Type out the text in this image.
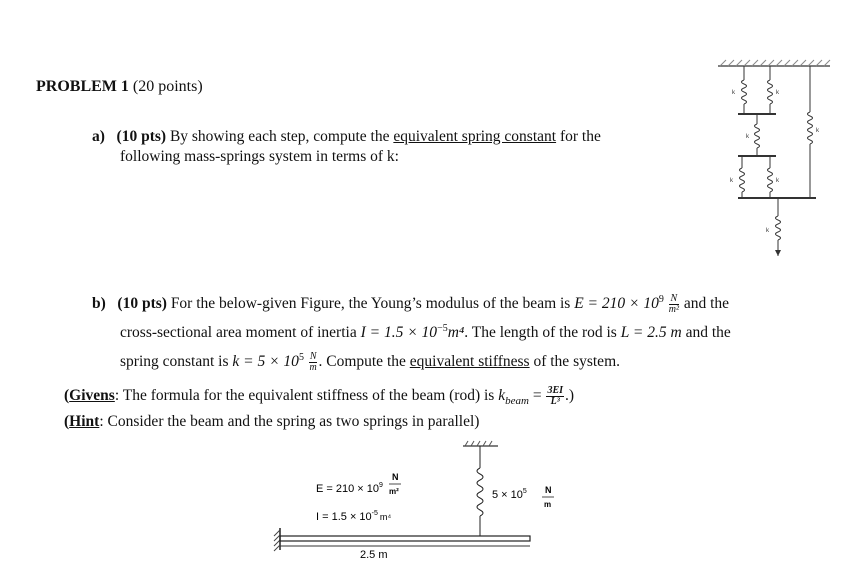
PROBLEM 1 (20 points)
a) (10 pts) By showing each step, compute the equivalent spring constant for the
following mass-springs system in terms of k:
k	k
k
k
k	k
k
b) (10 pts) For the below-given Figure, the Young’s modulus of the beam is $E = 210 \times 10^9 \frac{N}{\text{m²}}$ and the
cross-sectional area moment of inertia $I = 1.5 \times 10^{-5}m^4$. The length of the rod is L = 2.5 m and the
spring constant is $k = 5 \times 10^5 \frac{N}{m}$ . Compute the equivalent stiffness of the system.
(Givens: The formula for the equivalent stiffness of the beam (rod) is $k_{beam} = \frac{3EI}{\text{L³}}$ .)
(Hint: Consider the beam and the spring as two springs in parallel)
2.5 m
$E = 210 \times 10^9$
N
m²
$I = 1.5 \times 10^{-5}$ $_{m^4}$
$5 \times 10^5$ N
m
